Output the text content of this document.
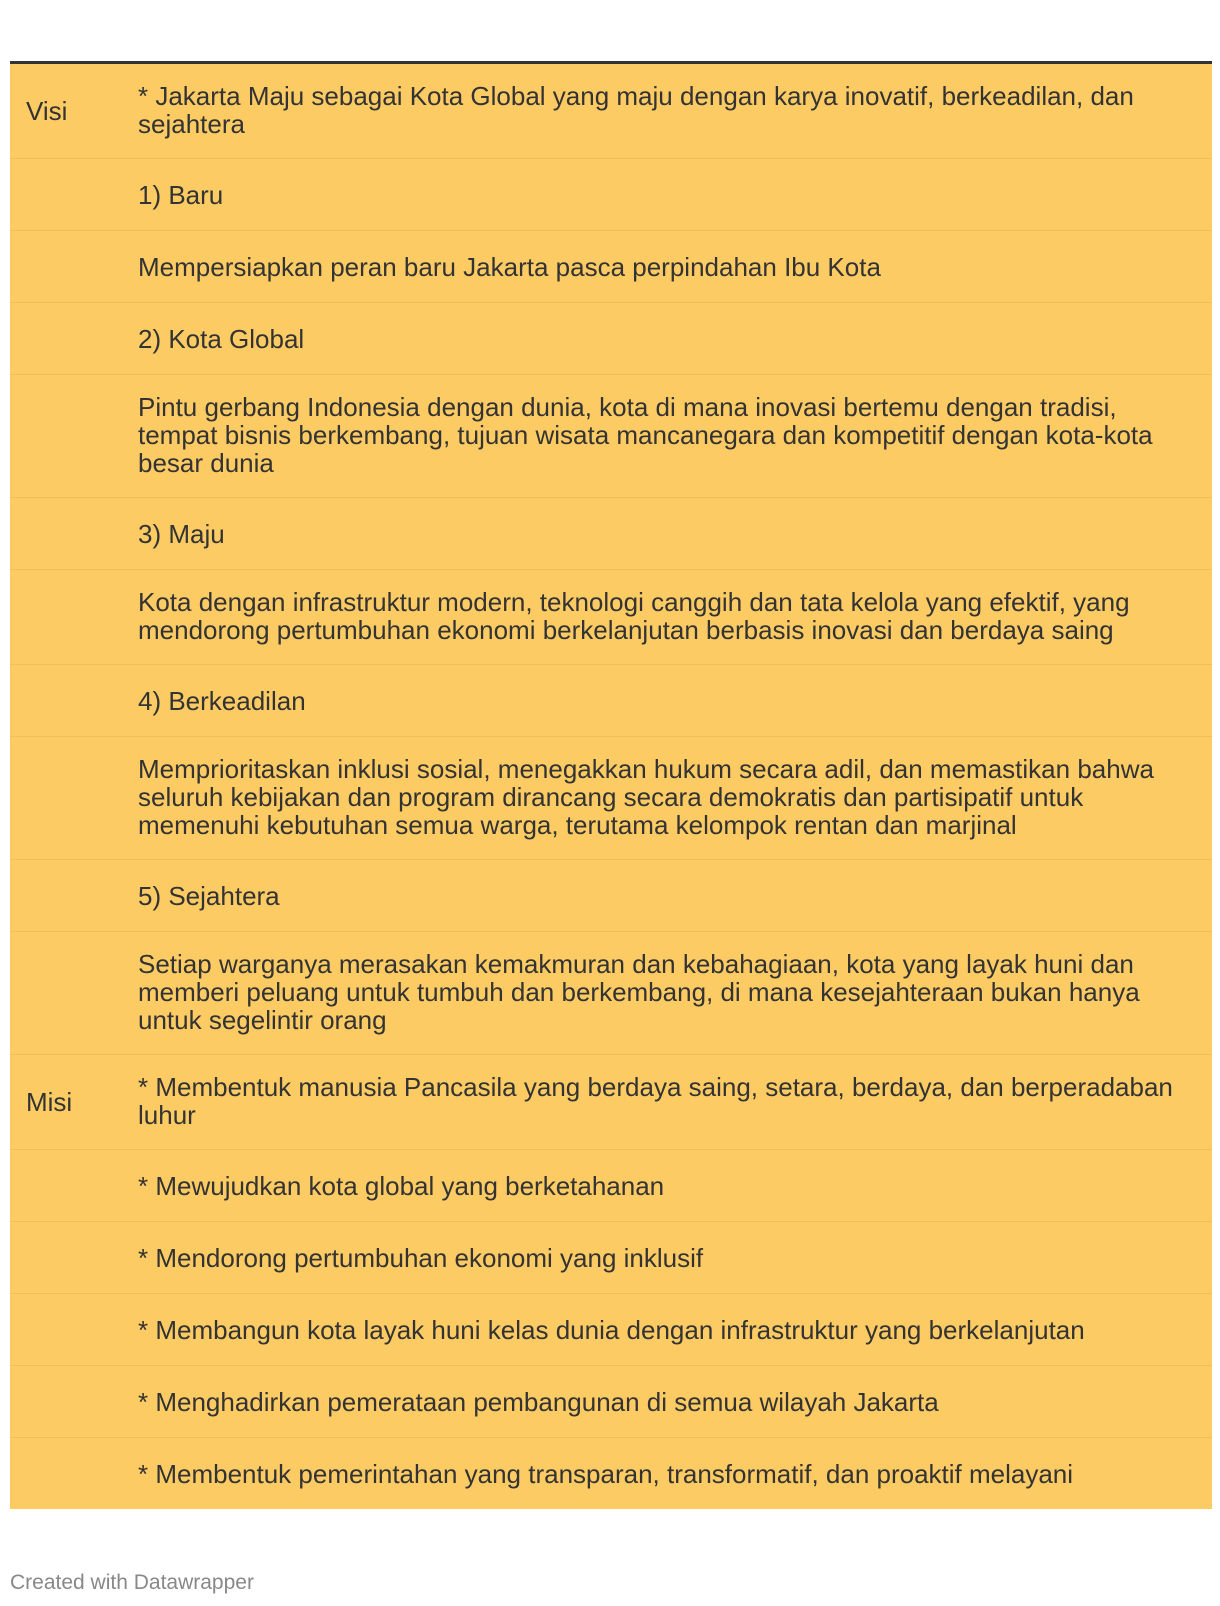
Visi	* Jakarta Maju sebagai Kota Global yang maju dengan karya inovatif, berkeadilan, dan sejahtera
	1) Baru
	Mempersiapkan peran baru Jakarta pasca perpindahan Ibu Kota
	2) Kota Global
	Pintu gerbang Indonesia dengan dunia, kota di mana inovasi bertemu dengan tradisi, tempat bisnis berkembang, tujuan wisata mancanegara dan kompetitif dengan kota-kota besar dunia
	3) Maju
	Kota dengan infrastruktur modern, teknologi canggih dan tata kelola yang efektif, yang mendorong pertumbuhan ekonomi berkelanjutan berbasis inovasi dan berdaya saing
	4) Berkeadilan
	Memprioritaskan inklusi sosial, menegakkan hukum secara adil, dan memastikan bahwa seluruh kebijakan dan program dirancang secara demokratis dan partisipatif untuk memenuhi kebutuhan semua warga, terutama kelompok rentan dan marjinal
	5) Sejahtera
	Setiap warganya merasakan kemakmuran dan kebahagiaan, kota yang layak huni dan memberi peluang untuk tumbuh dan berkembang, di mana kesejahteraan bukan hanya untuk segelintir orang
Misi	* Membentuk manusia Pancasila yang berdaya saing, setara, berdaya, dan berperadaban luhur
	* Mewujudkan kota global yang berketahanan
	* Mendorong pertumbuhan ekonomi yang inklusif
	* Membangun kota layak huni kelas dunia dengan infrastruktur yang berkelanjutan
	* Menghadirkan pemerataan pembangunan di semua wilayah Jakarta
	* Membentuk pemerintahan yang transparan, transformatif, dan proaktif melayani
Created with Datawrapper
